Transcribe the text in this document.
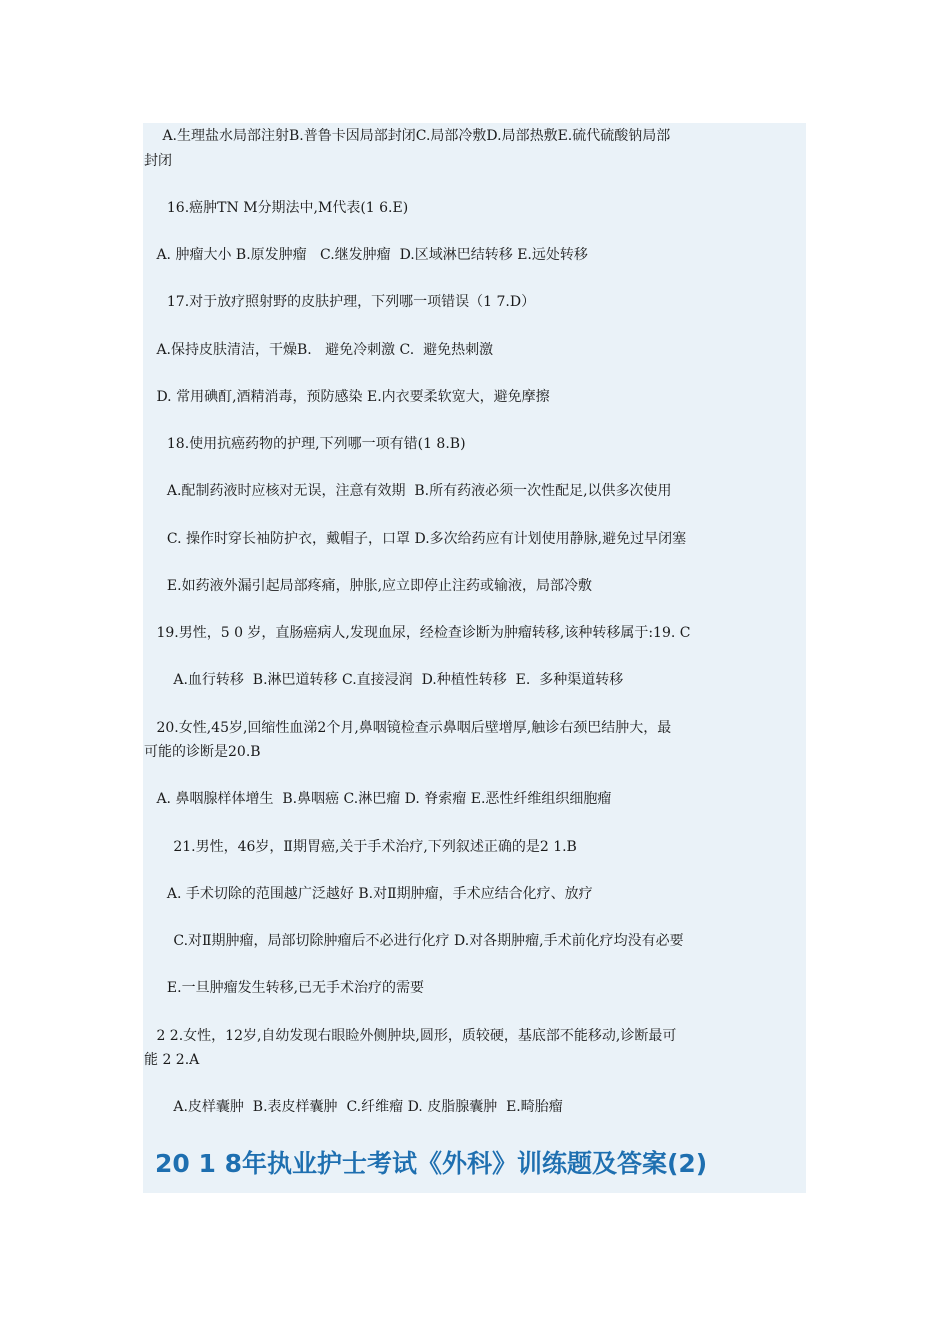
A.生理盐水局部注射B.普鲁卡因局部封闭C.局部冷敷D.局部热敷E.硫代硫酸钠局部
封闭
16.癌肿TN M分期法中,M代表(1 6.E)
A. 肿瘤大小 B.原发肿瘤   C.继发肿瘤  D.区域淋巴结转移 E.远处转移
17.对于放疗照射野的皮肤护理，下列哪一项错误（1 7.D）
A.保持皮肤清洁，干燥B.   避免冷刺激 C.  避免热刺激
D. 常用碘酊,酒精消毒，预防感染 E.内衣要柔软宽大，避免摩擦
18.使用抗癌药物的护理,下列哪一项有错(1 8.B)
A.配制药液时应核对无误，注意有效期  B.所有药液必须一次性配足,以供多次使用
C. 操作时穿长袖防护衣，戴帽子，口罩 D.多次给药应有计划使用静脉,避免过早闭塞
E.如药液外漏引起局部疼痛，肿胀,应立即停止注药或输液，局部冷敷
19.男性，5 0 岁，直肠癌病人,发现血尿，经检查诊断为肿瘤转移,该种转移属于:19. C
A.血行转移  B.淋巴道转移 C.直接浸润  D.种植性转移  E.  多种渠道转移
20.女性,45岁,回缩性血涕2个月,鼻咽镜检查示鼻咽后壁增厚,触诊右颈巴结肿大，最
可能的诊断是20.B
A. 鼻咽腺样体增生  B.鼻咽癌 C.淋巴瘤 D. 脊索瘤 E.恶性纤维组织细胞瘤
21.男性，46岁，Ⅱ期胃癌,关于手术治疗,下列叙述正确的是2 1.B
A. 手术切除的范围越广泛越好 B.对Ⅱ期肿瘤，手术应结合化疗、放疗
C.对Ⅱ期肿瘤，局部切除肿瘤后不必进行化疗 D.对各期肿瘤,手术前化疗均没有必要
E.一旦肿瘤发生转移,已无手术治疗的需要
2 2.女性，12岁,自幼发现右眼睑外侧肿块,圆形，质较硬，基底部不能移动,诊断最可
能 2 2.A
A.皮样囊肿  B.表皮样囊肿  C.纤维瘤 D. 皮脂腺囊肿  E.畸胎瘤
20 1 8年执业护士考试《外科》训练题及答案(2)
